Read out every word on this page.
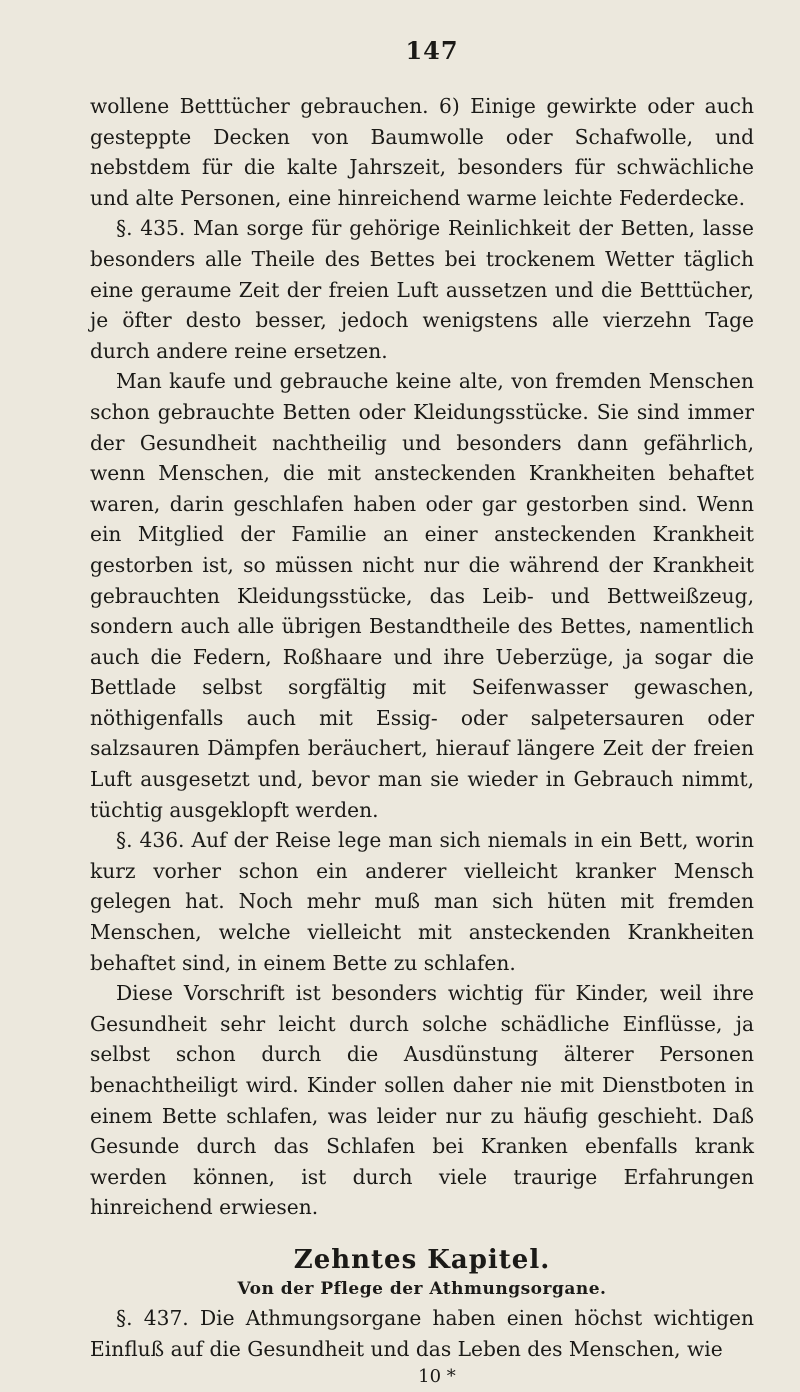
147

wollene Betttücher gebrauchen. 6) Einige gewirkte oder auch gesteppte Decken von Baumwolle oder Schafwolle, und nebstdem für die kalte Jahrszeit, besonders für schwächliche und alte Personen, eine hinreichend warme leichte Federdecke.

§. 435. Man sorge für gehörige Reinlichkeit der Betten, lasse besonders alle Theile des Bettes bei trockenem Wetter täglich eine geraume Zeit der freien Luft aussetzen und die Betttücher, je öfter desto besser, jedoch wenigstens alle vierzehn Tage durch andere reine ersetzen.

Man kaufe und gebrauche keine alte, von fremden Menschen schon gebrauchte Betten oder Kleidungsstücke. Sie sind immer der Gesundheit nachtheilig und besonders dann gefährlich, wenn Menschen, die mit ansteckenden Krankheiten behaftet waren, darin geschlafen haben oder gar gestorben sind. Wenn ein Mitglied der Familie an einer ansteckenden Krankheit gestorben ist, so müssen nicht nur die während der Krankheit gebrauchten Kleidungsstücke, das Leib- und Bettweißzeug, sondern auch alle übrigen Bestandtheile des Bettes, namentlich auch die Federn, Roßhaare und ihre Ueberzüge, ja sogar die Bettlade selbst sorgfältig mit Seifenwasser gewaschen, nöthigenfalls auch mit Essig- oder salpetersauren oder salzsauren Dämpfen beräuchert, hierauf längere Zeit der freien Luft ausgesetzt und, bevor man sie wieder in Gebrauch nimmt, tüchtig ausgeklopft werden.

§. 436. Auf der Reise lege man sich niemals in ein Bett, worin kurz vorher schon ein anderer vielleicht kranker Mensch gelegen hat. Noch mehr muß man sich hüten mit fremden Menschen, welche vielleicht mit ansteckenden Krankheiten behaftet sind, in einem Bette zu schlafen.

Diese Vorschrift ist besonders wichtig für Kinder, weil ihre Gesundheit sehr leicht durch solche schädliche Einflüsse, ja selbst schon durch die Ausdünstung älterer Personen benachtheiligt wird. Kinder sollen daher nie mit Dienstboten in einem Bette schlafen, was leider nur zu häufig geschieht. Daß Gesunde durch das Schlafen bei Kranken ebenfalls krank werden können, ist durch viele traurige Erfahrungen hinreichend erwiesen.

Zehntes Kapitel.
Von der Pflege der Athmungsorgane.

§. 437. Die Athmungsorgane haben einen höchst wichtigen Einfluß auf die Gesundheit und das Leben des Menschen, wie

10 *
